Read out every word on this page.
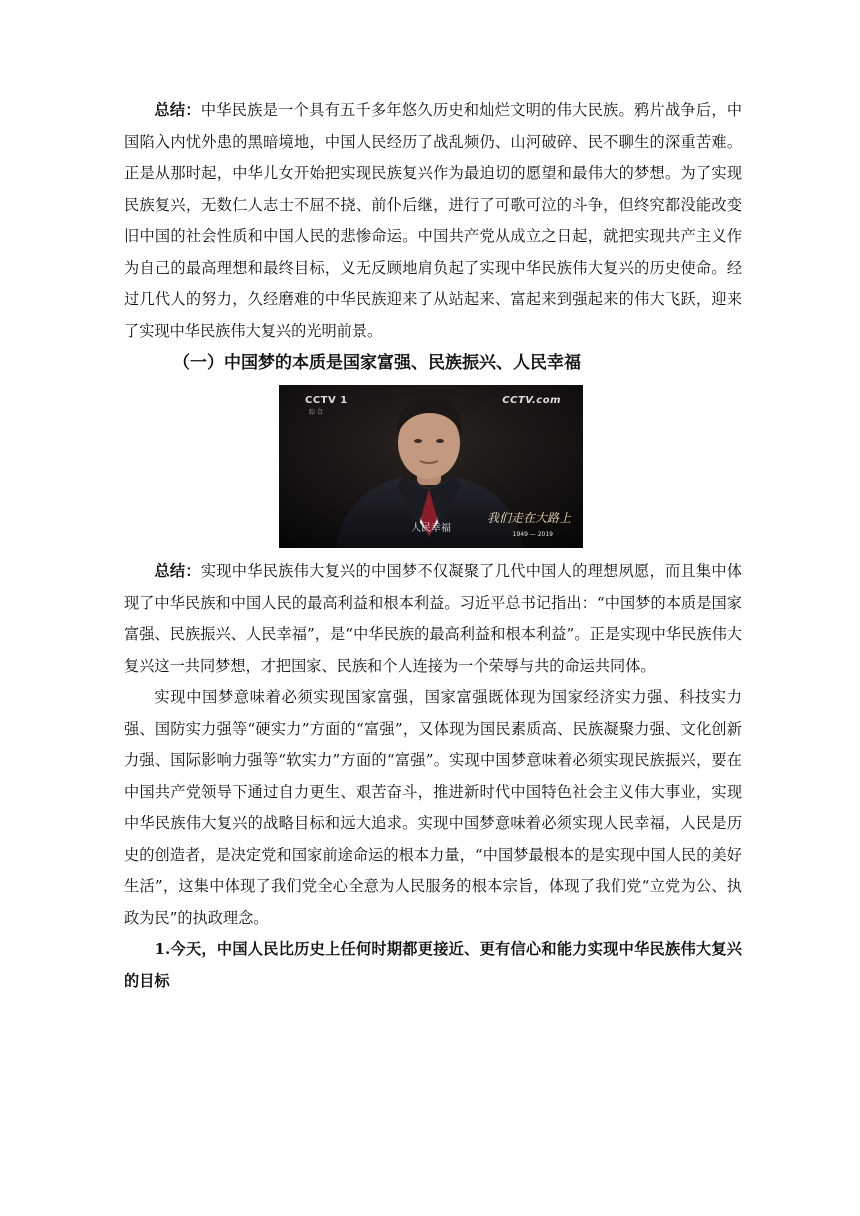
总结：中华民族是一个具有五千多年悠久历史和灿烂文明的伟大民族。鸦片战争后，中国陷入内忧外患的黑暗境地，中国人民经历了战乱频仍、山河破碎、民不聊生的深重苦难。正是从那时起，中华儿女开始把实现民族复兴作为最迫切的愿望和最伟大的梦想。为了实现民族复兴，无数仁人志士不屈不挠、前仆后继，进行了可歌可泣的斗争，但终究都没能改变旧中国的社会性质和中国人民的悲惨命运。中国共产党从成立之日起，就把实现共产主义作为自己的最高理想和最终目标，义无反顾地肩负起了实现中华民族伟大复兴的历史使命。经过几代人的努力，久经磨难的中华民族迎来了从站起来、富起来到强起来的伟大飞跃，迎来了实现中华民族伟大复兴的光明前景。

（一）中国梦的本质是国家富强、民族振兴、人民幸福
CCTV 1
综 合
CCTV.com
人民幸福
我们走在大路上
1949 — 2019

总结：实现中华民族伟大复兴的中国梦不仅凝聚了几代中国人的理想夙愿，而且集中体现了中华民族和中国人民的最高利益和根本利益。习近平总书记指出：“中国梦的本质是国家富强、民族振兴、人民幸福”，是“中华民族的最高利益和根本利益”。正是实现中华民族伟大复兴这一共同梦想，才把国家、民族和个人连接为一个荣辱与共的命运共同体。

实现中国梦意味着必须实现国家富强，国家富强既体现为国家经济实力强、科技实力强、国防实力强等“硬实力”方面的“富强”，又体现为国民素质高、民族凝聚力强、文化创新力强、国际影响力强等“软实力”方面的“富强”。实现中国梦意味着必须实现民族振兴，要在中国共产党领导下通过自力更生、艰苦奋斗，推进新时代中国特色社会主义伟大事业，实现中华民族伟大复兴的战略目标和远大追求。实现中国梦意味着必须实现人民幸福，人民是历史的创造者，是决定党和国家前途命运的根本力量，“中国梦最根本的是实现中国人民的美好生活”，这集中体现了我们党全心全意为人民服务的根本宗旨，体现了我们党“立党为公、执政为民”的执政理念。

1.今天，中国人民比历史上任何时期都更接近、更有信心和能力实现中华民族伟大复兴的目标
